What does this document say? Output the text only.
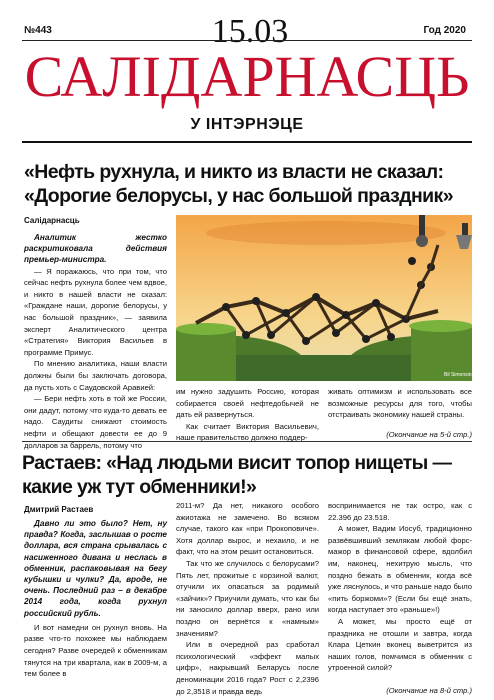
№443	15.03	Год 2020
САЛІДАРНАСЦЬ
У ІНТЭРНЭЦЕ
«Нефть рухнула, и никто из власти не сказал: «Дорогие белорусы, у нас большой праздник»
Салідарнасць

Аналитик жестко раскритиковала действия премьер-министра.

— Я поражаюсь, что при том, что сейчас нефть рухнула более чем вдвое, и никто в нашей власти не сказал: «Граждане наши, дорогие белорусы, у нас большой праздник», — заявила эксперт Аналитического центра «Стратегия» Виктория Васильев в программе Примус.

По мнению аналитика, наши власти должны были бы заключать договора, да пусть хоть с Саудовской Аравией:

— Бери нефть хоть в той же России, они дадут, потому что куда-то девать ее надо. Саудиты снижают стоимость нефти и обещают довести ее до 9 долларов за баррель, потому что

Bil Simonsin

им нужно задушить Россию, которая собирается своей нефтедобычей не дать ей развернуться.

Как считает Виктория Васильевич, наше правительство должно поддер-

живать оптимизм и использовать все возможные ресурсы для того, чтобы отстраивать экономику нашей страны.

(Окончание на 5-й стр.)
Растаев: «Над людьми висит топор нищеты — какие уж тут обменники!»
Дмитрий Растаев

Давно ли это было? Нет, ну правда? Когда, заслышав о росте доллара, вся страна срывалась с насиженного дивана и неслась в обменник, распаковывая на бегу кубышки и чулки? Да, вроде, не очень. Последний раз – в декабре 2014 года, когда рухнул российский рубль.

И вот намедни он рухнул вновь. На разве что-то похожее мы наблюдаем сегодня? Разве очередей к обменникам тянутся на три квартала, как в 2009-м, а тем более в

2011-м? Да нет, никакого особого ажиотажа не замечено. Во всяком случае, такого как «при Прокоповиче». Хотя доллар вырос, и нехаило, и не факт, что на этом решит остановиться.

Так что же случилось с белорусами? Пять лет, прожитые с корзиной валют, отучили их опасаться за родимый «зайчик»? Приучили думать, что как бы ни заносило доллар вверх, рано или поздно он вернётся к «намным» значениям?

Или в очередной раз сработал психологический «эффект малых цифр», накрывший Беларусь после деноминации 2016 года? Рост с 2,2396 до 2,3518 и правда ведь

воспринимается не так остро, как с 22.396 до 23.518.

А может, Вадим Иосуб, традиционно развёвшивший землякам любой форс-мажор в финансовой сфере, вдолбил им, наконец, нехитрую мысль, что поздно бежать в обменник, когда всё уже ляснулось, и что раньше надо было «пить боржоми»? (Если бы ещё знать, когда наступает это «раньше»!)

А может, мы просто ещё от праздника не отошли и завтра, когда Клара Цеткин вконец выветрится из наших голов, помчимся в обменник с утроенной силой?

(Окончание на 8-й стр.)
